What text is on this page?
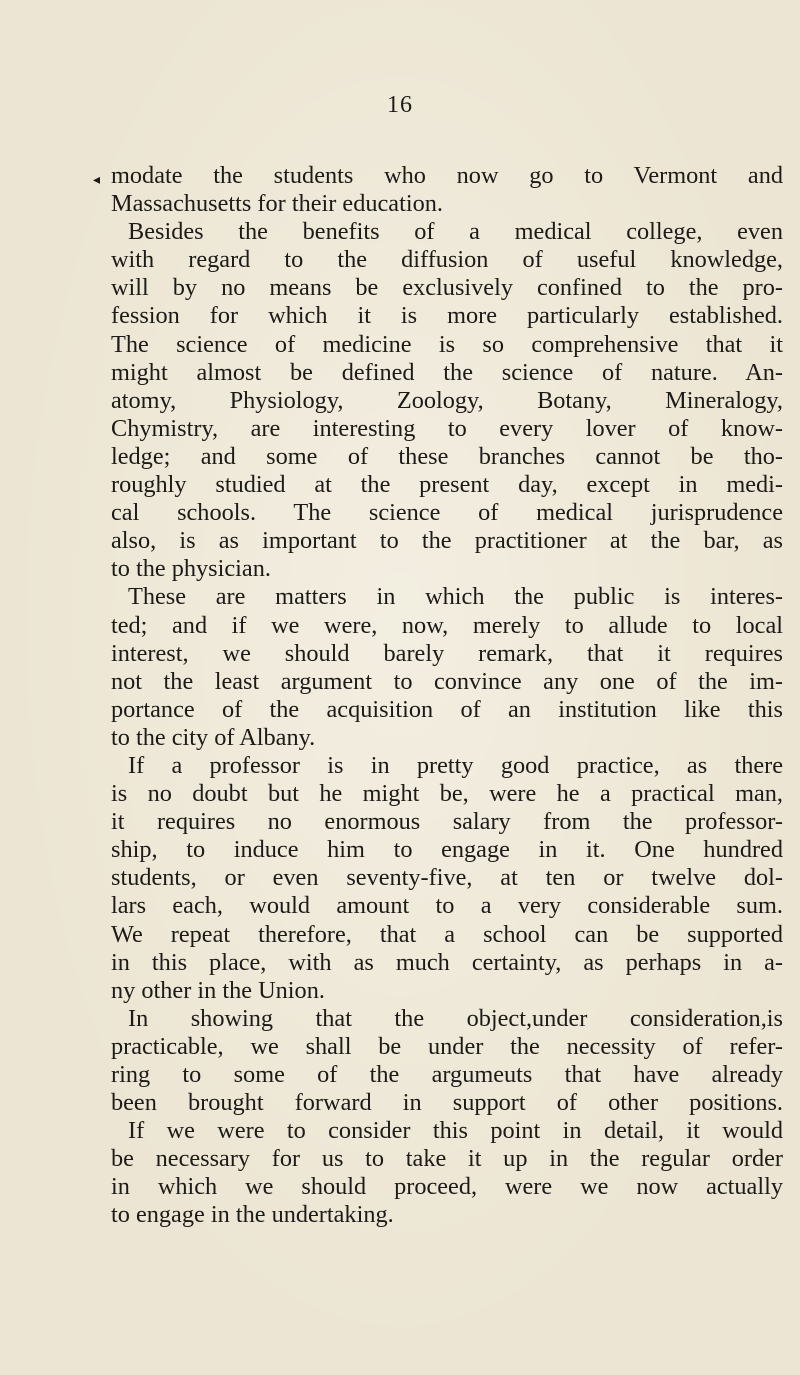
16
◂ modate the students who now go to Vermont and
Massachusetts for their education.

Besides the benefits of a medical college, even
with regard to the diffusion of useful knowledge,
will by no means be exclusively confined to the pro-
fession for which it is more particularly established.
The science of medicine is so comprehensive that it
might almost be defined the science of nature. An-
atomy, Physiology, Zoology, Botany, Mineralogy,
Chymistry, are interesting to every lover of know-
ledge; and some of these branches cannot be tho-
roughly studied at the present day, except in medi-
cal schools. The science of medical jurisprudence
also, is as important to the practitioner at the bar, as
to the physician.

These are matters in which the public is interes-
ted; and if we were, now, merely to allude to local
interest, we should barely remark, that it requires
not the least argument to convince any one of the im-
portance of the acquisition of an institution like this
to the city of Albany.

If a professor is in pretty good practice, as there
is no doubt but he might be, were he a practical man,
it requires no enormous salary from the professor-
ship, to induce him to engage in it. One hundred
students, or even seventy-five, at ten or twelve dol-
lars each, would amount to a very considerable sum.
We repeat therefore, that a school can be supported
in this place, with as much certainty, as perhaps in a-
ny other in the Union.

In showing that the object,under consideration,is
practicable, we shall be under the necessity of refer-
ring to some of the argumeuts that have already
been brought forward in support of other positions.

If we were to consider this point in detail, it would
be necessary for us to take it up in the regular order
in which we should proceed, were we now actually
to engage in the undertaking.
